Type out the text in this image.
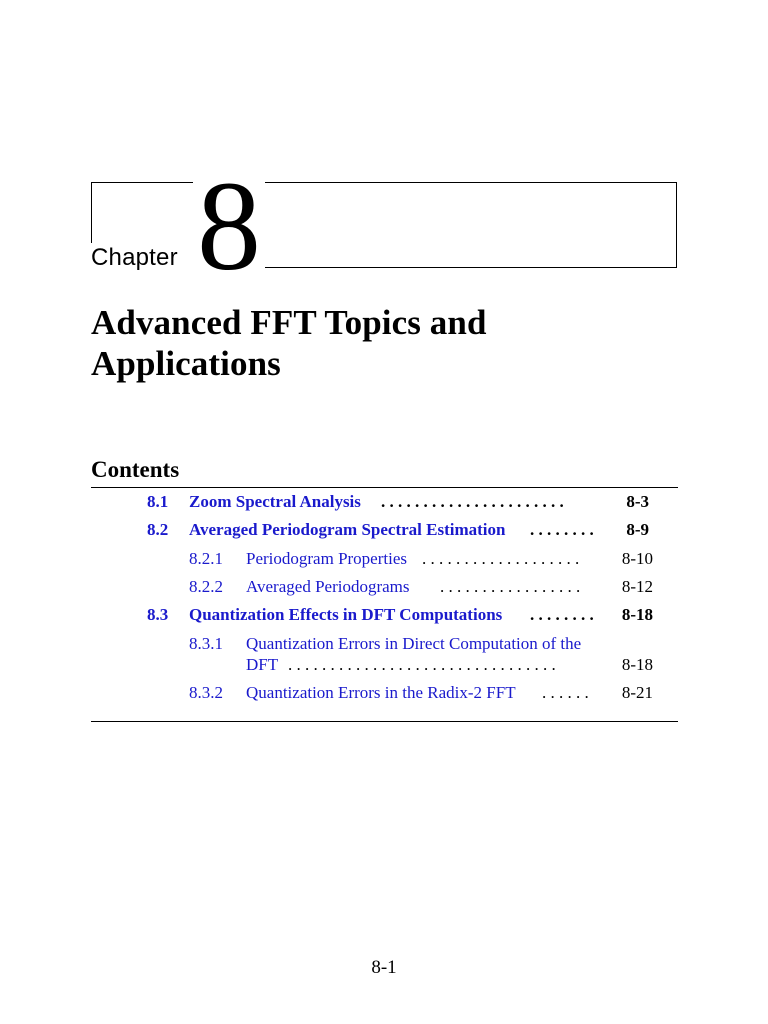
Chapter 8
Advanced FFT Topics and
Applications
Contents
8.1 Zoom Spectral Analysis . . . . . . . . . . . . . . . . . . . . . .	8-3
8.2 Averaged Periodogram Spectral Estimation . . . . . . . .	8-9
8.2.1 Periodogram Properties . . . . . . . . . . . . . . . . . . .	8-10
8.2.2 Averaged Periodograms . . . . . . . . . . . . . . . . .	8-12
8.3 Quantization Effects in DFT Computations . . . . . . . .	8-18
8.3.1 Quantization Errors in Direct Computation of the
DFT . . . . . . . . . . . . . . . . . . . . . . . . . . . . . . . .	8-18
8.3.2 Quantization Errors in the Radix-2 FFT . . . . . .	8-21
8-1
